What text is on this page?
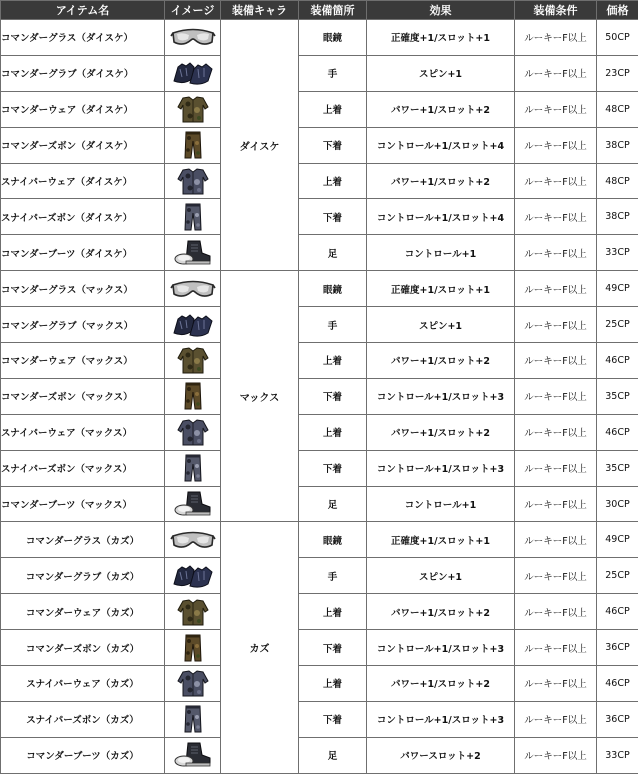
アイテム名	イメージ	装備キャラ	装備箇所	効果	装備条件	価格
コマンダーグラス（ダイスケ）		ダイスケ	眼鏡	正確度+1/スロット+1	ルーキーF以上	50CP
コマンダーグラブ（ダイスケ）			手	スピン+1	ルーキーF以上	23CP
コマンダーウェア（ダイスケ）			上着	パワー+1/スロット+2	ルーキーF以上	48CP
コマンダーズボン（ダイスケ）			下着	コントロール+1/スロット+4	ルーキーF以上	38CP
スナイパーウェア（ダイスケ）			上着	パワー+1/スロット+2	ルーキーF以上	48CP
スナイパーズボン（ダイスケ）			下着	コントロール+1/スロット+4	ルーキーF以上	38CP
コマンダーブーツ（ダイスケ）			足	コントロール+1	ルーキーF以上	33CP
コマンダーグラス（マックス）		マックス	眼鏡	正確度+1/スロット+1	ルーキーF以上	49CP
コマンダーグラブ（マックス）			手	スピン+1	ルーキーF以上	25CP
コマンダーウェア（マックス）			上着	パワー+1/スロット+2	ルーキーF以上	46CP
コマンダーズボン（マックス）			下着	コントロール+1/スロット+3	ルーキーF以上	35CP
スナイパーウェア（マックス）			上着	パワー+1/スロット+2	ルーキーF以上	46CP
スナイパーズボン（マックス）			下着	コントロール+1/スロット+3	ルーキーF以上	35CP
コマンダーブーツ（マックス）			足	コントロール+1	ルーキーF以上	30CP
コマンダーグラス（カズ）		カズ	眼鏡	正確度+1/スロット+1	ルーキーF以上	49CP
コマンダーグラブ（カズ）			手	スピン+1	ルーキーF以上	25CP
コマンダーウェア（カズ）			上着	パワー+1/スロット+2	ルーキーF以上	46CP
コマンダーズボン（カズ）			下着	コントロール+1/スロット+3	ルーキーF以上	36CP
スナイパーウェア（カズ）			上着	パワー+1/スロット+2	ルーキーF以上	46CP
スナイパーズボン（カズ）			下着	コントロール+1/スロット+3	ルーキーF以上	36CP
コマンダーブーツ（カズ）			足	パワースロット+2	ルーキーF以上	33CP
